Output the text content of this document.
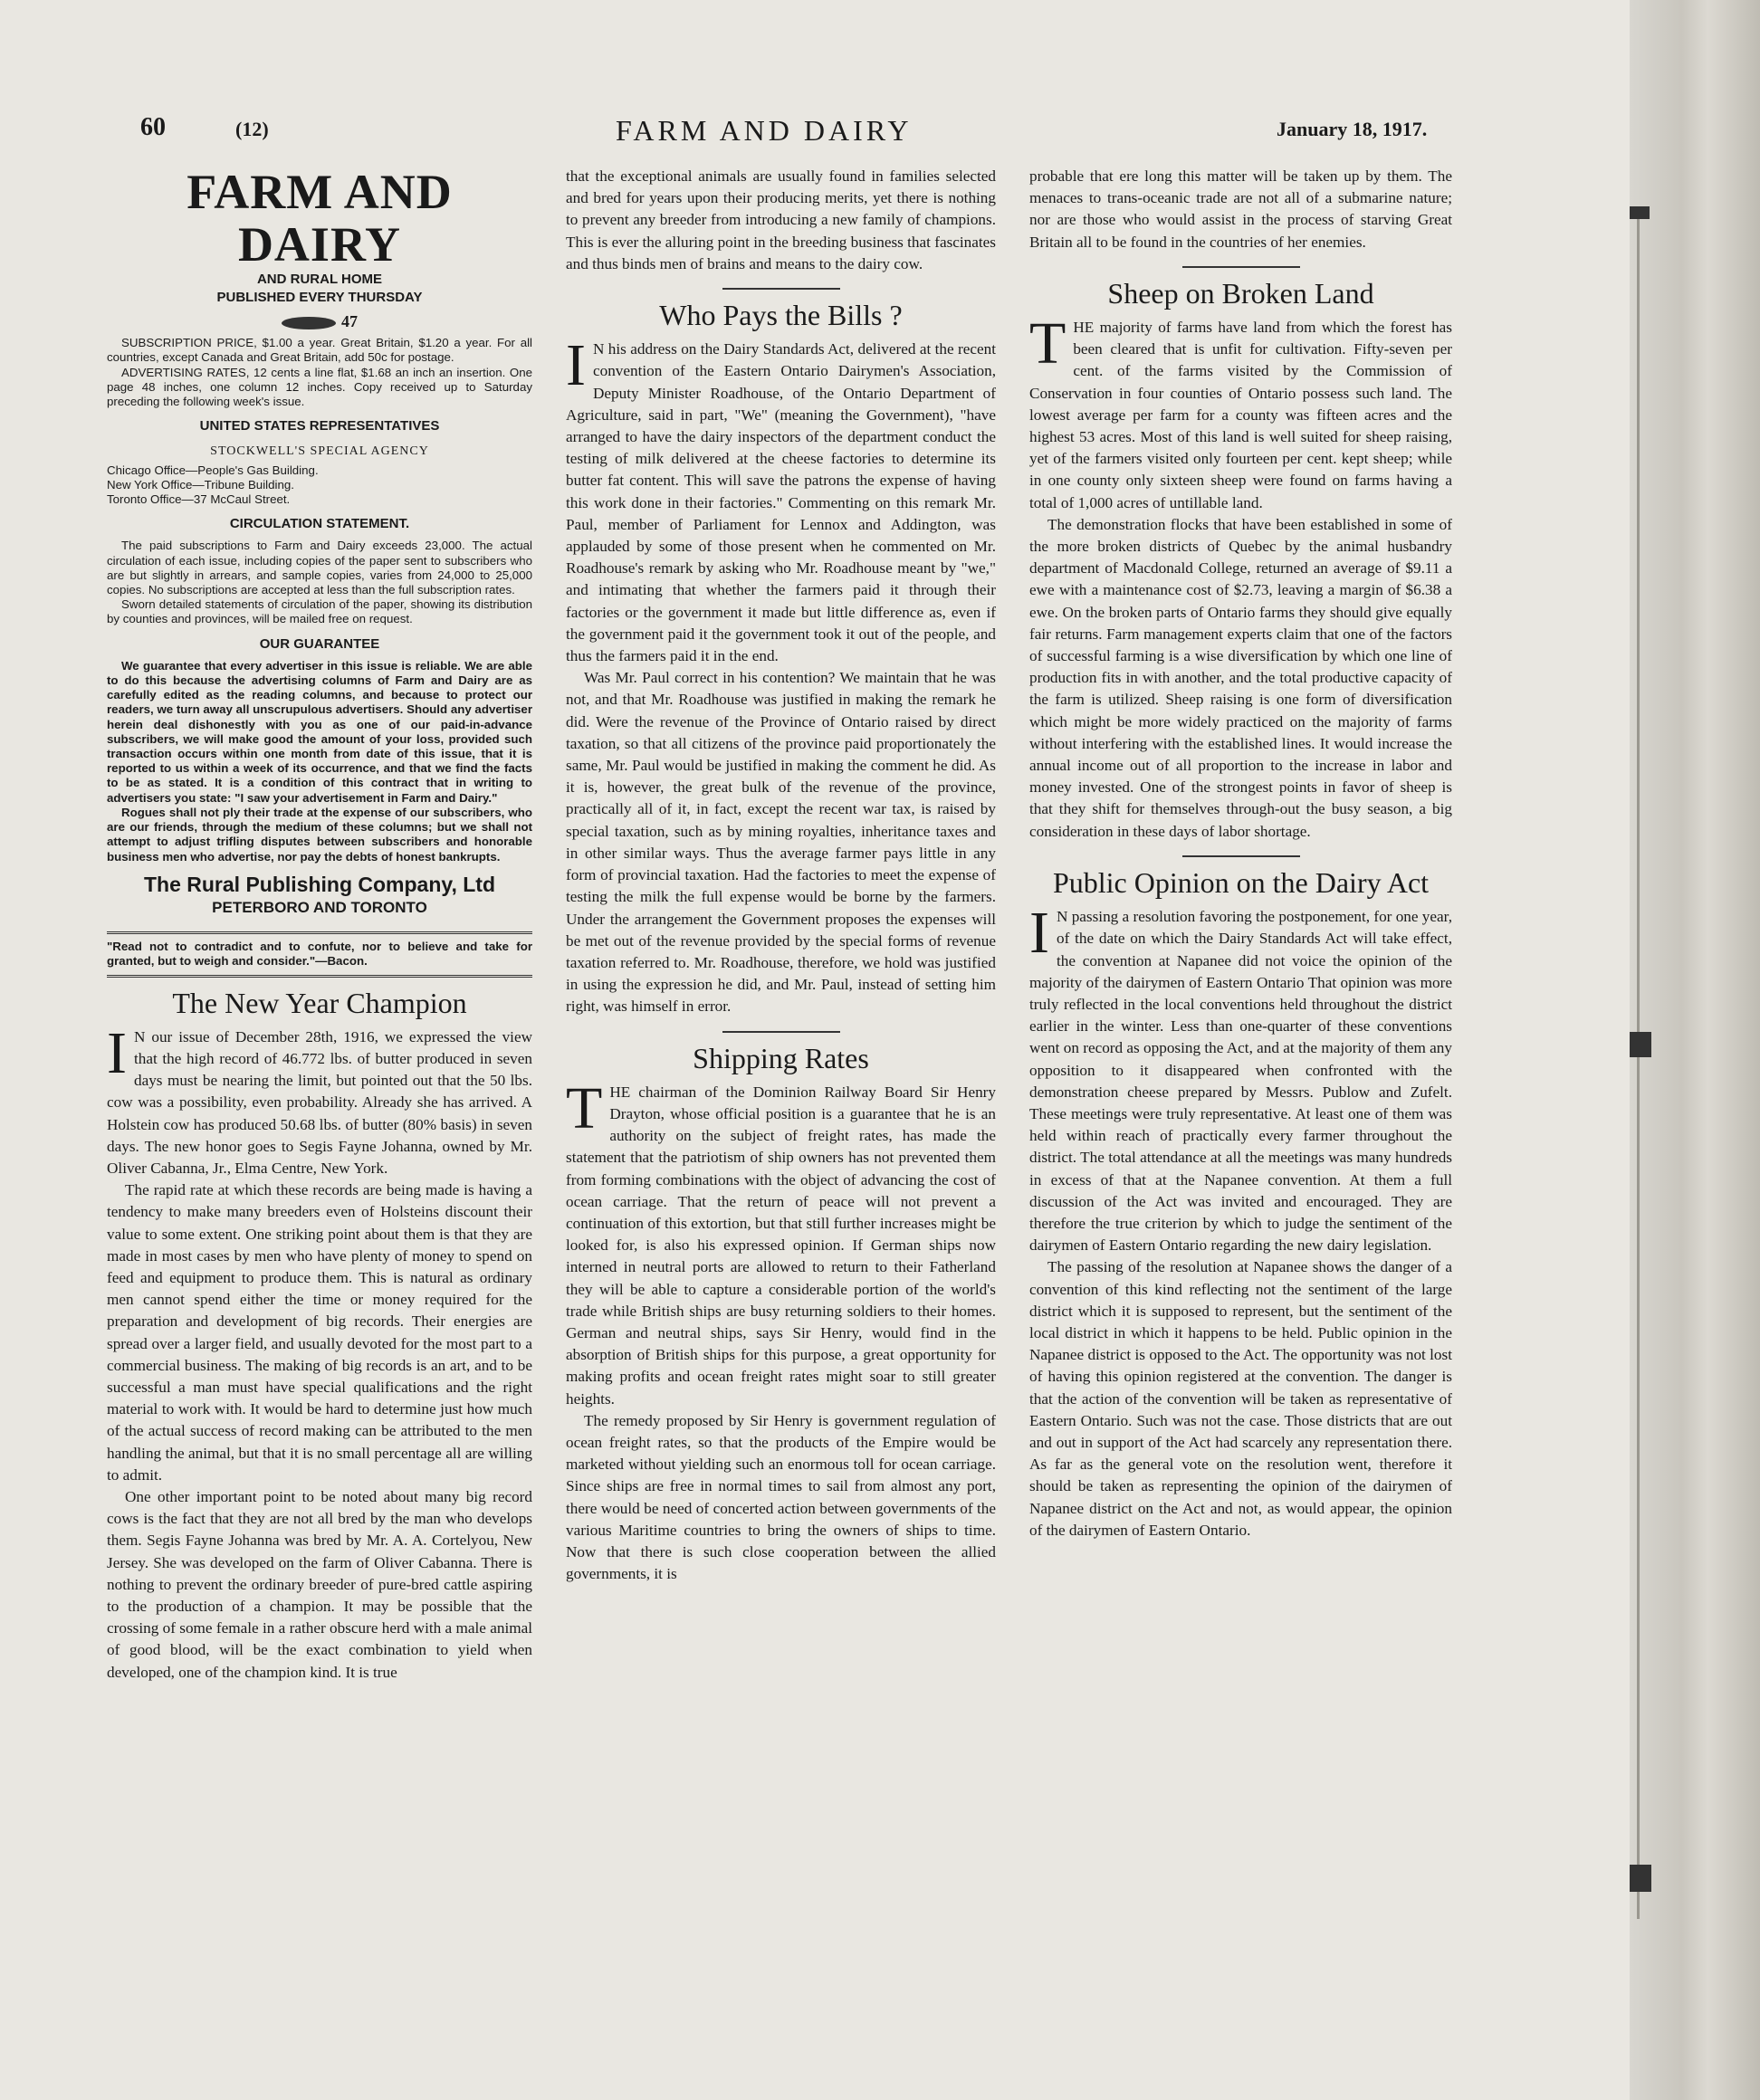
60	(12)	FARM AND DAIRY	January 18, 1917.
FARM AND DAIRY
AND RURAL HOME
PUBLISHED EVERY THURSDAY
47

SUBSCRIPTION PRICE, $1.00 a year. Great Britain, $1.20 a year. For all countries, except Canada and Great Britain, add 50c for postage.

ADVERTISING RATES, 12 cents a line flat, $1.68 an inch an insertion. One page 48 inches, one column 12 inches. Copy received up to Saturday preceding the following week's issue.

UNITED STATES REPRESENTATIVES
STOCKWELL'S SPECIAL AGENCY
Chicago Office—People's Gas Building.
New York Office—Tribune Building.
Toronto Office—37 McCaul Street.
CIRCULATION STATEMENT.

The paid subscriptions to Farm and Dairy exceeds 23,000. The actual circulation of each issue, including copies of the paper sent to subscribers who are but slightly in arrears, and sample copies, varies from 24,000 to 25,000 copies. No subscriptions are accepted at less than the full subscription rates.

Sworn detailed statements of circulation of the paper, showing its distribution by counties and provinces, will be mailed free on request.

OUR GUARANTEE

We guarantee that every advertiser in this issue is reliable. We are able to do this because the advertising columns of Farm and Dairy are as carefully edited as the reading columns, and because to protect our readers, we turn away all unscrupulous advertisers. Should any advertiser herein deal dishonestly with you as one of our paid-in-advance subscribers, we will make good the amount of your loss, provided such transaction occurs within one month from date of this issue, that it is reported to us within a week of its occurrence, and that we find the facts to be as stated. It is a condition of this contract that in writing to advertisers you state: "I saw your advertisement in Farm and Dairy."

Rogues shall not ply their trade at the expense of our subscribers, who are our friends, through the medium of these columns; but we shall not attempt to adjust trifling disputes between subscribers and honorable business men who advertise, nor pay the debts of honest bankrupts.

The Rural Publishing Company, Ltd
PETERBORO AND TORONTO
"Read not to contradict and to confute, nor to believe and take for granted, but to weigh and consider."—Bacon.
The New Year Champion

I N our issue of December 28th, 1916, we expressed the view that the high record of 46.772 lbs. of butter produced in seven days must be nearing the limit, but pointed out that the 50 lbs. cow was a possibility, even probability. Already she has arrived. A Holstein cow has produced 50.68 lbs. of butter (80% basis) in seven days. The new honor goes to Segis Fayne Johanna, owned by Mr. Oliver Cabanna, Jr., Elma Centre, New York.

The rapid rate at which these records are being made is having a tendency to make many breeders even of Holsteins discount their value to some extent. One striking point about them is that they are made in most cases by men who have plenty of money to spend on feed and equipment to produce them. This is natural as ordinary men cannot spend either the time or money required for the preparation and development of big records. Their energies are spread over a larger field, and usually devoted for the most part to a commercial business. The making of big records is an art, and to be successful a man must have special qualifications and the right material to work with. It would be hard to determine just how much of the actual success of record making can be attributed to the men handling the animal, but that it is no small percentage all are willing to admit.

One other important point to be noted about many big record cows is the fact that they are not all bred by the man who develops them. Segis Fayne Johanna was bred by Mr. A. A. Cortelyou, New Jersey. She was developed on the farm of Oliver Cabanna. There is nothing to prevent the ordinary breeder of pure-bred cattle aspiring to the production of a champion. It may be possible that the crossing of some female in a rather obscure herd with a male animal of good blood, will be the exact combination to yield when developed, one of the champion kind. It is true

that the exceptional animals are usually found in families selected and bred for years upon their producing merits, yet there is nothing to prevent any breeder from introducing a new family of champions. This is ever the alluring point in the breeding business that fascinates and thus binds men of brains and means to the dairy cow.

Who Pays the Bills ?

I N his address on the Dairy Standards Act, delivered at the recent convention of the Eastern Ontario Dairymen's Association, Deputy Minister Roadhouse, of the Ontario Department of Agriculture, said in part, "We" (meaning the Government), "have arranged to have the dairy inspectors of the department conduct the testing of milk delivered at the cheese factories to determine its butter fat content. This will save the patrons the expense of having this work done in their factories." Commenting on this remark Mr. Paul, member of Parliament for Lennox and Addington, was applauded by some of those present when he commented on Mr. Roadhouse's remark by asking who Mr. Roadhouse meant by "we," and intimating that whether the farmers paid it through their factories or the government it made but little difference as, even if the government paid it the government took it out of the people, and thus the farmers paid it in the end.

Was Mr. Paul correct in his contention? We maintain that he was not, and that Mr. Roadhouse was justified in making the remark he did. Were the revenue of the Province of Ontario raised by direct taxation, so that all citizens of the province paid proportionately the same, Mr. Paul would be justified in making the comment he did. As it is, however, the great bulk of the revenue of the province, practically all of it, in fact, except the recent war tax, is raised by special taxation, such as by mining royalties, inheritance taxes and in other similar ways. Thus the average farmer pays little in any form of provincial taxation. Had the factories to meet the expense of testing the milk the full expense would be borne by the farmers. Under the arrangement the Government proposes the expenses will be met out of the revenue provided by the special forms of revenue taxation referred to. Mr. Roadhouse, therefore, we hold was justified in using the expression he did, and Mr. Paul, instead of setting him right, was himself in error.

Shipping Rates

THE chairman of the Dominion Railway Board Sir Henry Drayton, whose official position is a guarantee that he is an authority on the subject of freight rates, has made the statement that the patriotism of ship owners has not prevented them from forming combinations with the object of advancing the cost of ocean carriage. That the return of peace will not prevent a continuation of this extortion, but that still further increases might be looked for, is also his expressed opinion. If German ships now interned in neutral ports are allowed to return to their Fatherland they will be able to capture a considerable portion of the world's trade while British ships are busy returning soldiers to their homes. German and neutral ships, says Sir Henry, would find in the absorption of British ships for this purpose, a great opportunity for making profits and ocean freight rates might soar to still greater heights.

The remedy proposed by Sir Henry is government regulation of ocean freight rates, so that the products of the Empire would be marketed without yielding such an enormous toll for ocean carriage. Since ships are free in normal times to sail from almost any port, there would be need of concerted action between governments of the various Maritime countries to bring the owners of ships to time. Now that there is such close cooperation between the allied governments, it is

probable that ere long this matter will be taken up by them. The menaces to trans-oceanic trade are not all of a submarine nature; nor are those who would assist in the process of starving Great Britain all to be found in the countries of her enemies.

Sheep on Broken Land

THE majority of farms have land from which the forest has been cleared that is unfit for cultivation. Fifty-seven per cent. of the farms visited by the Commission of Conservation in four counties of Ontario possess such land. The lowest average per farm for a county was fifteen acres and the highest 53 acres. Most of this land is well suited for sheep raising, yet of the farmers visited only fourteen per cent. kept sheep; while in one county only sixteen sheep were found on farms having a total of 1,000 acres of untillable land.

The demonstration flocks that have been established in some of the more broken districts of Quebec by the animal husbandry department of Macdonald College, returned an average of $9.11 a ewe with a maintenance cost of $2.73, leaving a margin of $6.38 a ewe. On the broken parts of Ontario farms they should give equally fair returns. Farm management experts claim that one of the factors of successful farming is a wise diversification by which one line of production fits in with another, and the total productive capacity of the farm is utilized. Sheep raising is one form of diversification which might be more widely practiced on the majority of farms without interfering with the established lines. It would increase the annual income out of all proportion to the increase in labor and money invested. One of the strongest points in favor of sheep is that they shift for themselves through-out the busy season, a big consideration in these days of labor shortage.

Public Opinion on the Dairy Act

I N passing a resolution favoring the postponement, for one year, of the date on which the Dairy Standards Act will take effect, the convention at Napanee did not voice the opinion of the majority of the dairymen of Eastern Ontario That opinion was more truly reflected in the local conventions held throughout the district earlier in the winter. Less than one-quarter of these conventions went on record as opposing the Act, and at the majority of them any opposition to it disappeared when confronted with the demonstration cheese prepared by Messrs. Publow and Zufelt. These meetings were truly representative. At least one of them was held within reach of practically every farmer throughout the district. The total attendance at all the meetings was many hundreds in excess of that at the Napanee convention. At them a full discussion of the Act was invited and encouraged. They are therefore the true criterion by which to judge the sentiment of the dairymen of Eastern Ontario regarding the new dairy legislation.

The passing of the resolution at Napanee shows the danger of a convention of this kind reflecting not the sentiment of the large district which it is supposed to represent, but the sentiment of the local district in which it happens to be held. Public opinion in the Napanee district is opposed to the Act. The opportunity was not lost of having this opinion registered at the convention. The danger is that the action of the convention will be taken as representative of Eastern Ontario. Such was not the case. Those districts that are out and out in support of the Act had scarcely any representation there. As far as the general vote on the resolution went, therefore it should be taken as representing the opinion of the dairymen of Napanee district on the Act and not, as would appear, the opinion of the dairymen of Eastern Ontario.
